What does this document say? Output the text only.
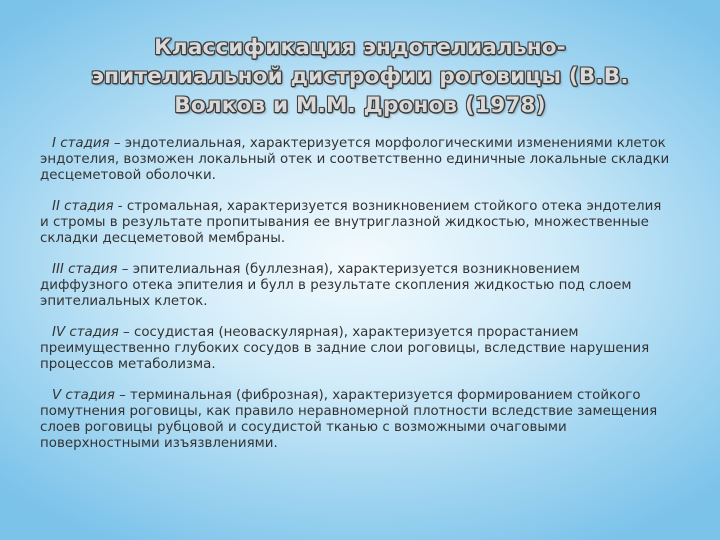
Классификация эндотелиально-
эпителиальной дистрофии роговицы (В.В.
Волков и М.М. Дронов (1978)

I стадия – эндотелиальная, характеризуется морфологическими изменениями клеток эндотелия, возможен локальный отек и соответственно единичные локальные складки десцеметовой оболочки.

II стадия - стромальная, характеризуется возникновением стойкого отека эндотелия и стромы в результате пропитывания ее внутриглазной жидкостью, множественные складки десцеметовой мембраны.

III стадия – эпителиальная (буллезная), характеризуется возникновением диффузного отека эпителия и булл в результате скопления жидкостью под слоем эпителиальных клеток.

IV стадия – сосудистая (неоваскулярная), характеризуется прорастанием преимущественно глубоких сосудов в задние слои роговицы, вследствие нарушения процессов метаболизма.

V стадия – терминальная (фиброзная), характеризуется формированием стойкого помутнения роговицы, как правило неравномерной плотности вследствие замещения слоев роговицы рубцовой и сосудистой тканью с возможными очаговыми поверхностными изъязвлениями.
